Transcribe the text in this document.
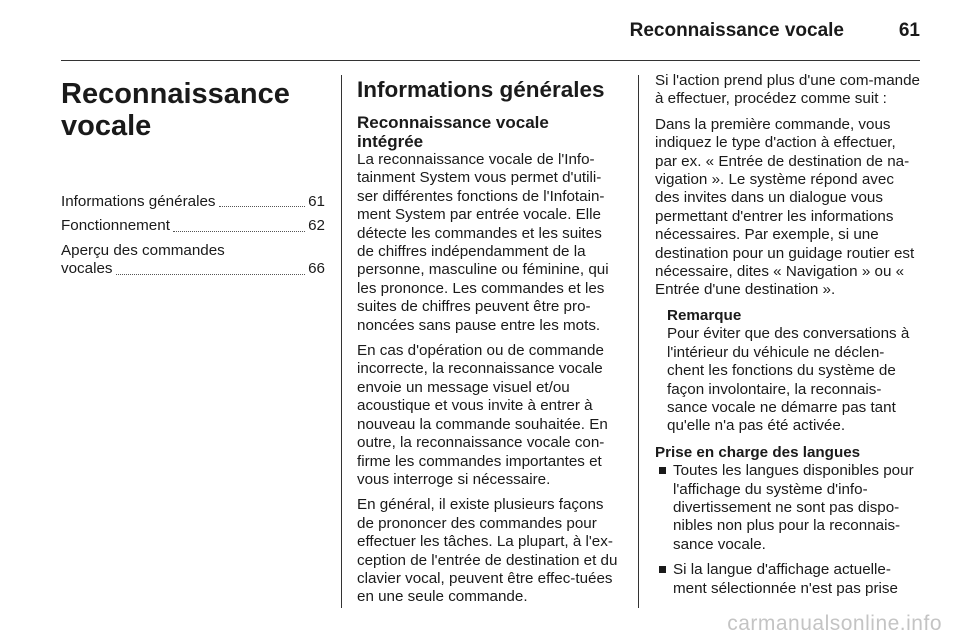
Reconnaissance vocale	61
Reconnaissance
vocale
Informations générales	61
Fonctionnement	62
Aperçu des commandes
vocales	66
Informations générales
Reconnaissance vocale
intégrée

La reconnaissance vocale de l'Info-tainment System vous permet d'utili-ser différentes fonctions de l'Infotain-ment System par entrée vocale. Elle détecte les commandes et les suites de chiffres indépendamment de la personne, masculine ou féminine, qui les prononce. Les commandes et les suites de chiffres peuvent être pro-noncées sans pause entre les mots.

En cas d'opération ou de commande incorrecte, la reconnaissance vocale envoie un message visuel et/ou acoustique et vous invite à entrer à nouveau la commande souhaitée. En outre, la reconnaissance vocale con-firme les commandes importantes et vous interroge si nécessaire.

En général, il existe plusieurs façons de prononcer des commandes pour effectuer les tâches. La plupart, à l'ex-ception de l'entrée de destination et du clavier vocal, peuvent être effec-tuées en une seule commande.

Si l'action prend plus d'une com-mande à effectuer, procédez comme suit :

Dans la première commande, vous indiquez le type d'action à effectuer, par ex. « Entrée de destination de na-vigation ». Le système répond avec des invites dans un dialogue vous permettant d'entrer les informations nécessaires. Par exemple, si une destination pour un guidage routier est nécessaire, dites « Navigation » ou « Entrée d'une destination ».

Remarque
Pour éviter que des conversations à l'intérieur du véhicule ne déclen-chent les fonctions du système de façon involontaire, la reconnais-sance vocale ne démarre pas tant qu'elle n'a pas été activée.
Prise en charge des langues
Toutes les langues disponibles pour l'affichage du système d'info-divertissement ne sont pas dispo-nibles non plus pour la reconnais-sance vocale.
Si la langue d'affichage actuelle-ment sélectionnée n'est pas prise
carmanualsonline.info
